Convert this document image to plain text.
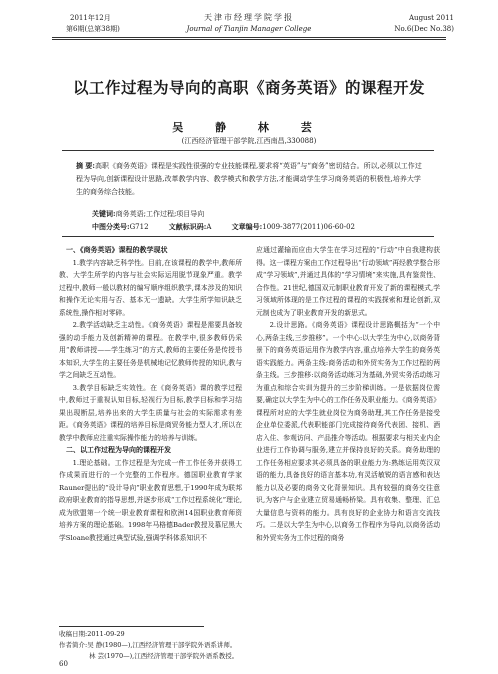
2011年12月
第6期(总第38期)
天津市经理学院学报
Journal of Tianjin Manager College
August 2011
No.6(Dec No.38)
以工作过程为导向的高职《商务英语》的课程开发
吴 静 林 芸
(江西经济管理干部学院,江西南昌,330088)
摘 要:高职《商务英语》课程是实践性很强的专业技能课程,要求将“英语”与“商务”密切结合。所以,必须以工作过程为导向,创新课程设计思路,改革教学内容、教学模式和教学方法,才能调动学生学习商务英语的积极性,培养大学生的商务综合技能。
关键词:商务英语;工作过程;项目导向
中图分类号:G712	文献标识码:A	文章编号:1009-3877(2011)06-60-02
一、《商务英语》课程的教学现状

1.教学内容缺乏科学性。目前,在该课程的教学中,教师所教、大学生所学的内容与社会实际运用脱节现象严重。教学过程中,教师一般以教材的编写顺序组织教学,课本涉及的知识和操作无论实用与否、基本无一遗缺。大学生所学知识缺乏系统性,操作相对零碎。

2.教学活动缺乏主动性。《商务英语》课程是需要具备较强的动手能力及创新精神的课程。在教学中,很多教师仍采用“教师讲授——学生练习”的方式,教师的主要任务是传授书本知识,大学生的主要任务是机械地记忆教师传授的知识,教与学之间缺乏互动性。

3.教学目标缺乏实效性。在《商务英语》课的教学过程中,教师过于重视认知目标,轻视行为目标,教学目标和学习结果出现断层,培养出来的大学生质量与社会的实际需求有差距。《商务英语》课程的培养目标是商贸务能力型人才,所以在教学中教师应注重实际操作能力的培养与训练。

二、以工作过程为导向的课程开发

1.理论基础。工作过程是为完成一件工作任务并获得工作成果而进行的一个完整的工作程序。德国职业教育学家Rauner提出的“设计导向”职业教育思想,于1990年成为联邦政府职业教育的指导思想,并逐步形成“工作过程系统化”理论,成为欧盟第一个统一职业教育课程和欧洲14国职业教育师资培养方案的理论基础。1998年马格德Bader教授及慕尼黑大学Sloane教授通过典型试验,强调学科体系知识不

应通过灌输而应由大学生在学习过程的“行动”中自我建构获得。这一课程方案由工作过程导出“行动领域”再经教学整合形成“学习领域”,并通过具体的“学习情境”来实施,具有鉴赏性、合作性。21世纪,德国双元制职业教育开发了新的课程模式,学习领域所体现的是工作过程的课程的实践探索和理论创新,双元制也成为了职业教育开发的新思式。

2.设计思路。《商务英语》课程设计思路概括为“一个中心,两条主线,三步推移”。一个中心:以大学生为中心,以商务背景下的商务英语运用作为教学内容,重点培养大学生的商务英语实践能力。两条主线:商务活动和外贸实务为工作过程的两条主线。三步推移:以商务活动练习为基础,外贸实务活动练习为重点和综合实训为提升的三步阶梯训练。一是依据岗位需要,确定以大学生为中心的工作任务及职业能力。《商务英语》课程所对应的大学生就业岗位为商务助理,其工作任务是接受企业单位委派,代表职能部门完成接待商务代表团、接机、酒店入住、参观访问、产品推介等活动。根据要求与相关业内企业进行工作协调与服务,建立并保持良好的关系。商务助理的工作任务相应要求其必须具备的职业能力为:熟练运用英汉双语的能力,具备良好的语言基本功,有灵活敏锐的语言感和表达能力以及必要的商务文化背景知识。具有较强的商务交往意识,为客户与企业建立贸易通畅桥梁。具有收集、整理、汇总大量信息与资料的能力。具有良好的企业协力和语言交流技巧。二是以大学生为中心,以商务工作程序为导向,以商务活动和外贸实务为工作过程的商务

收稿日期:2011-09-29
作者简介:吴 静(1980—),江西经济管理干部学院外语系讲师。
林 芸(1970—),江西经济管理干部学院外语系教授。
60
